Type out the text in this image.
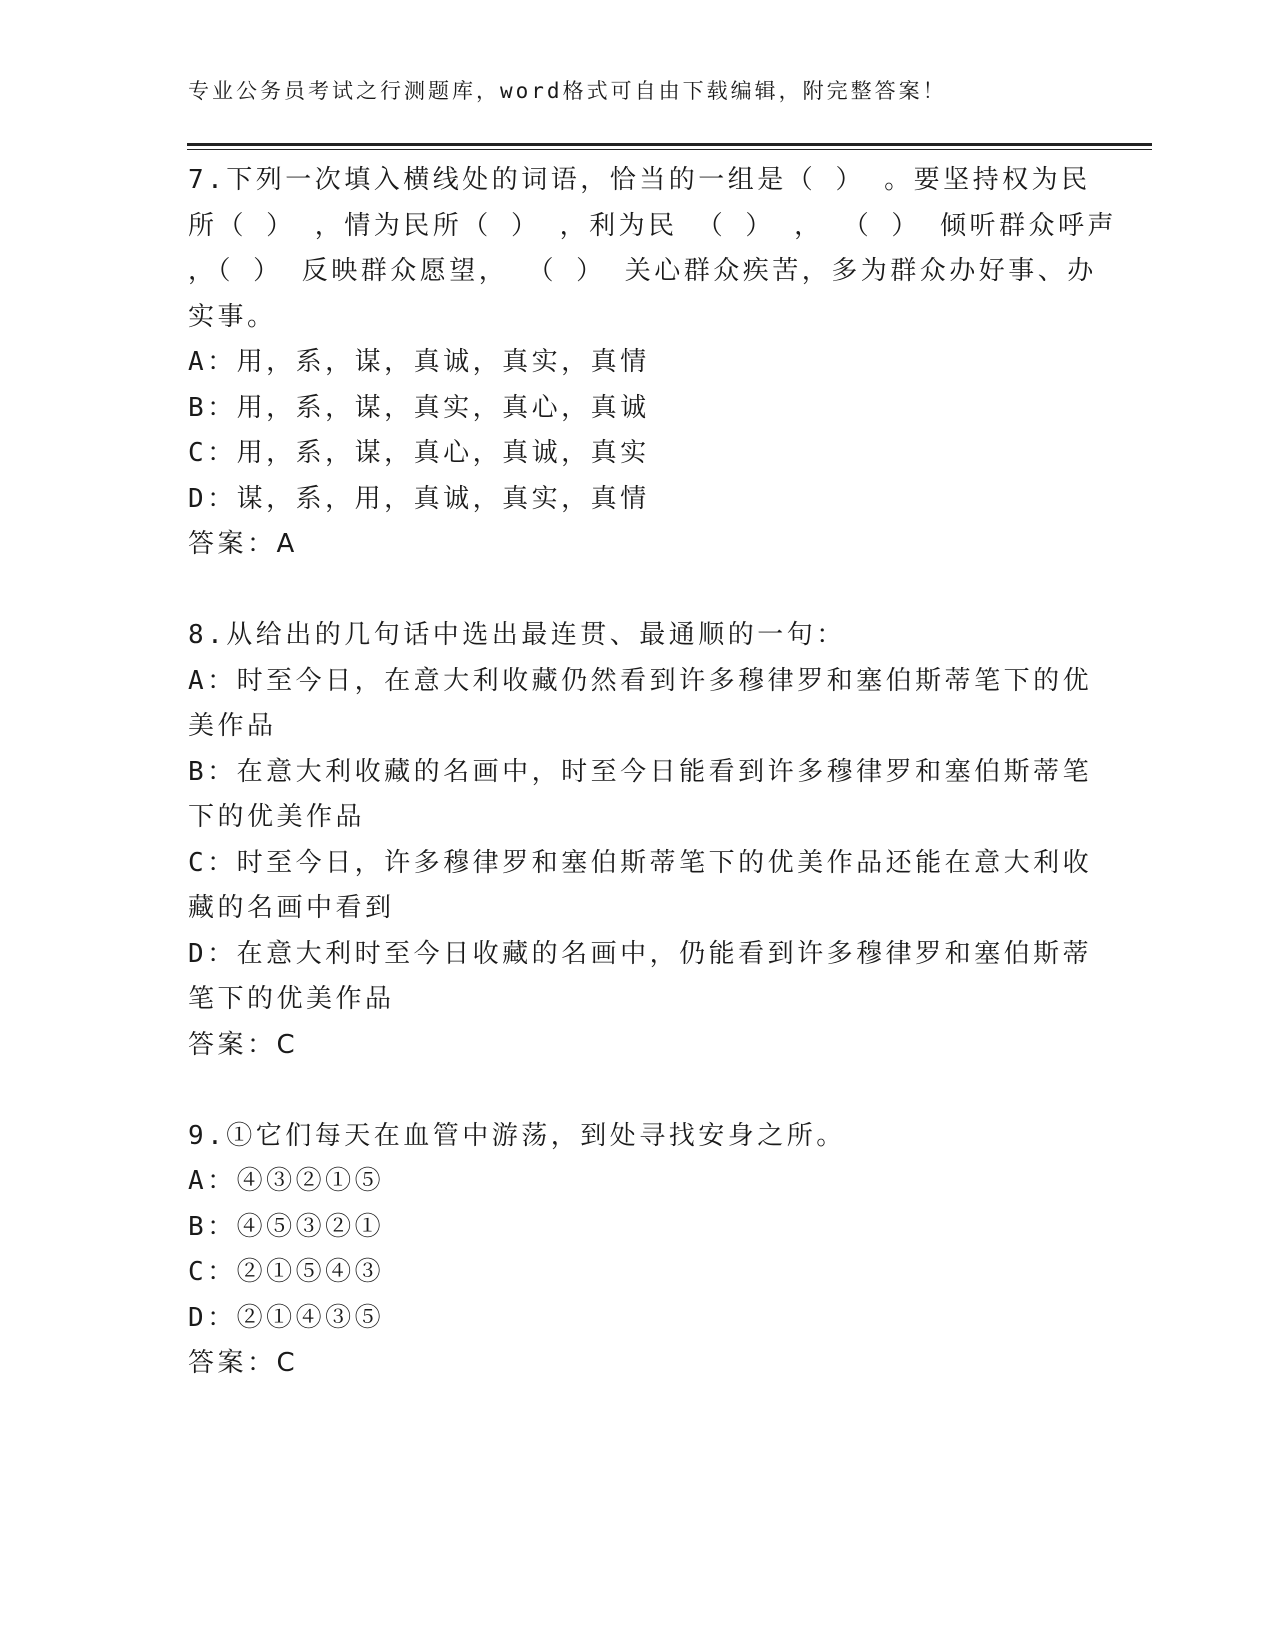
专业公务员考试之行测题库，word格式可自由下载编辑，附完整答案！
7.下列一次填入横线处的词语，恰当的一组是（ ） 。要坚持权为民
所（ ） ，情为民所（ ） ，利为民 （ ） ， （ ） 倾听群众呼声
，（ ） 反映群众愿望， （ ） 关心群众疾苦，多为群众办好事、办
实事。
A：用，系，谋，真诚，真实，真情
B：用，系，谋，真实，真心，真诚
C：用，系，谋，真心，真诚，真实
D：谋，系，用，真诚，真实，真情
答案：A
8.从给出的几句话中选出最连贯、最通顺的一句：
A：时至今日，在意大利收藏仍然看到许多穆律罗和塞伯斯蒂笔下的优
美作品
B：在意大利收藏的名画中，时至今日能看到许多穆律罗和塞伯斯蒂笔
下的优美作品
C：时至今日，许多穆律罗和塞伯斯蒂笔下的优美作品还能在意大利收
藏的名画中看到
D：在意大利时至今日收藏的名画中，仍能看到许多穆律罗和塞伯斯蒂
笔下的优美作品
答案：C
9.①它们每天在血管中游荡，到处寻找安身之所。
A：④③②①⑤
B：④⑤③②①
C：②①⑤④③
D：②①④③⑤
答案：C
